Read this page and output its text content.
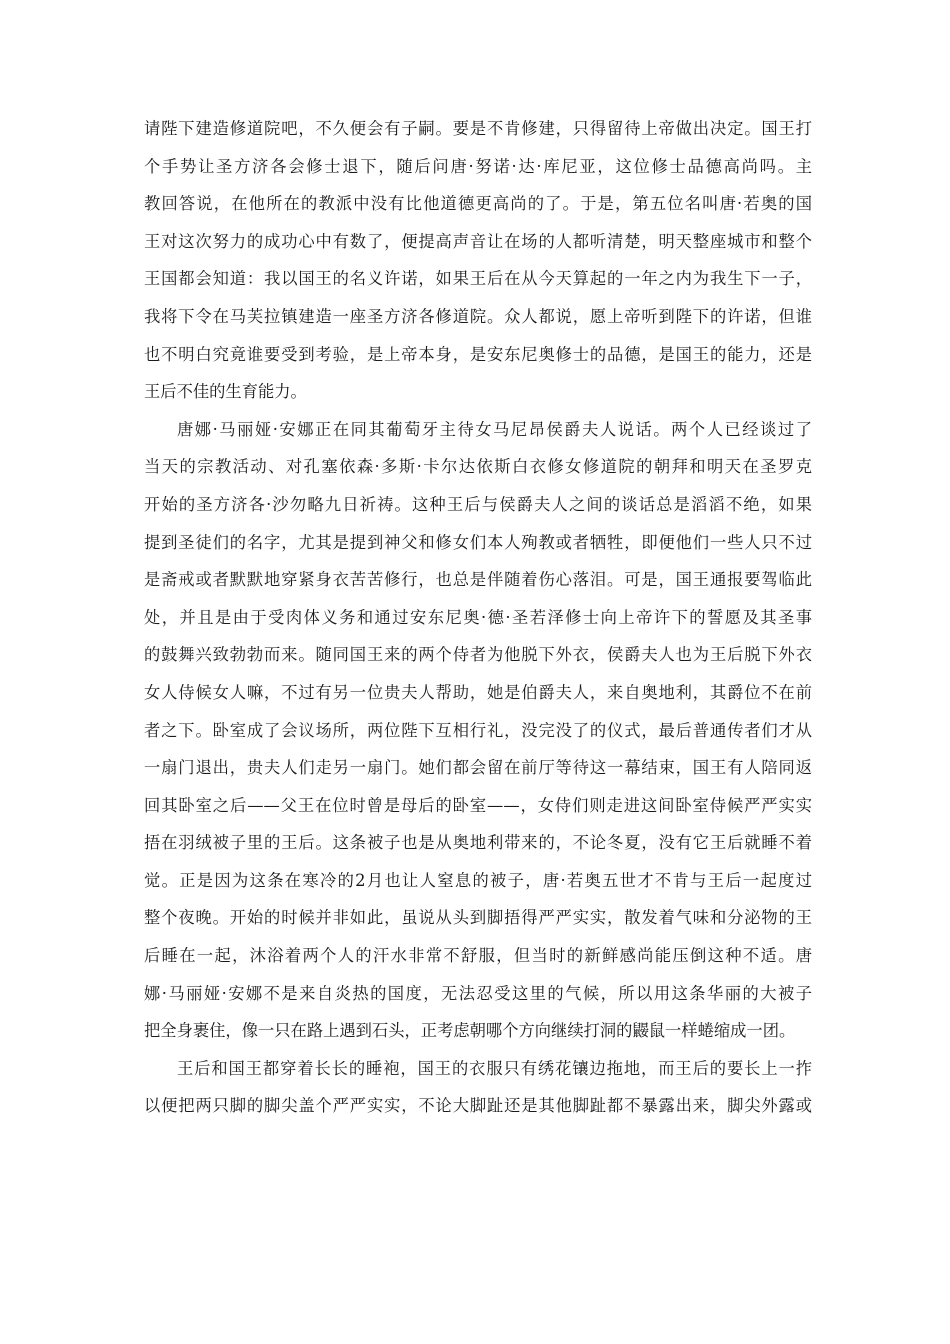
请陛下建造修道院吧，不久便会有子嗣。要是不肯修建，只得留待上帝做出决定。国王打
个手势让圣方济各会修士退下，随后问唐·努诺·达·库尼亚，这位修士品德高尚吗。主
教回答说，在他所在的教派中没有比他道德更高尚的了。于是，第五位名叫唐·若奥的国
王对这次努力的成功心中有数了，便提高声音让在场的人都听清楚，明天整座城市和整个
王国都会知道：我以国王的名义许诺，如果王后在从今天算起的一年之内为我生下一子，
我将下令在马芙拉镇建造一座圣方济各修道院。众人都说，愿上帝听到陛下的许诺，但谁
也不明白究竟谁要受到考验，是上帝本身，是安东尼奥修士的品德，是国王的能力，还是
王后不佳的生育能力。
唐娜·马丽娅·安娜正在同其葡萄牙主待女马尼昂侯爵夫人说话。两个人已经谈过了
当天的宗教活动、对孔塞依森·多斯·卡尔达依斯白衣修女修道院的朝拜和明天在圣罗克
开始的圣方济各·沙勿略九日祈祷。这种王后与侯爵夫人之间的谈话总是滔滔不绝，如果
提到圣徒们的名字，尤其是提到神父和修女们本人殉教或者牺牲，即便他们一些人只不过
是斋戒或者默默地穿紧身衣苦苦修行，也总是伴随着伤心落泪。可是，国王通报要驾临此
处，并且是由于受肉体义务和通过安东尼奥·德·圣若泽修士向上帝许下的誓愿及其圣事
的鼓舞兴致勃勃而来。随同国王来的两个侍者为他脱下外衣，侯爵夫人也为王后脱下外衣
女人侍候女人嘛，不过有另一位贵夫人帮助，她是伯爵夫人，来自奥地利，其爵位不在前
者之下。卧室成了会议场所，两位陛下互相行礼，没完没了的仪式，最后普通传者们才从
一扇门退出，贵夫人们走另一扇门。她们都会留在前厅等待这一幕结束，国王有人陪同返
回其卧室之后——父王在位时曾是母后的卧室——，女侍们则走进这间卧室侍候严严实实
捂在羽绒被子里的王后。这条被子也是从奥地利带来的，不论冬夏，没有它王后就睡不着
觉。正是因为这条在寒冷的2月也让人窒息的被子，唐·若奥五世才不肯与王后一起度过
整个夜晚。开始的时候并非如此，虽说从头到脚捂得严严实实，散发着气味和分泌物的王
后睡在一起，沐浴着两个人的汗水非常不舒服，但当时的新鲜感尚能压倒这种不适。唐
娜·马丽娅·安娜不是来自炎热的国度，无法忍受这里的气候，所以用这条华丽的大被子
把全身裹住，像一只在路上遇到石头，正考虑朝哪个方向继续打洞的鼹鼠一样蜷缩成一团。
王后和国王都穿着长长的睡袍，国王的衣服只有绣花镶边拖地，而王后的要长上一拃
以便把两只脚的脚尖盖个严严实实，不论大脚趾还是其他脚趾都不暴露出来，脚尖外露或
